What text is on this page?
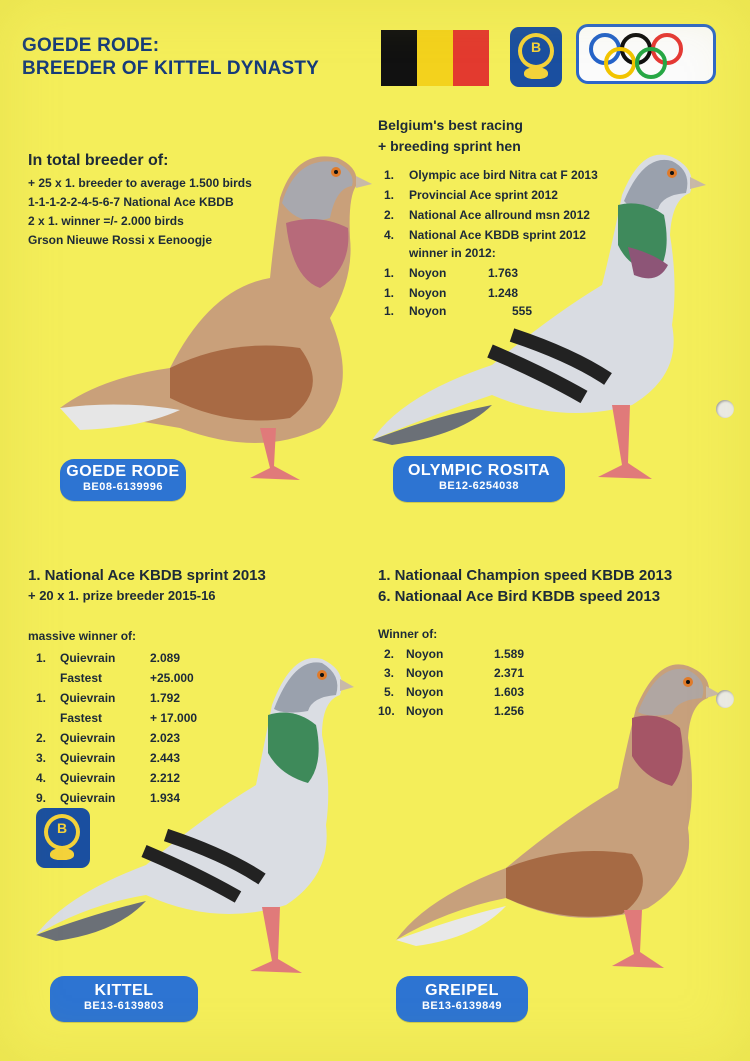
GOEDE RODE:
BREEDER OF KITTEL DYNASTY
B
In total breeder of:
+ 25 x 1. breeder to average 1.500 birds
1-1-1-2-2-4-5-6-7 National Ace KBDB
2 x 1. winner =/- 2.000 birds
Grson Nieuwe Rossi x Eenoogje
GOEDE RODE
BE08-6139996
Belgium's best racing
+ breeding sprint hen
1. Olympic ace bird Nitra cat F 2013
1. Provincial Ace sprint 2012
2. National Ace allround msn 2012
4. National Ace KBDB sprint 2012
winner in 2012:
1. Noyon	1.763
1. Noyon	1.248
1. Noyon	555
OLYMPIC ROSITA
BE12-6254038
1. National Ace KBDB sprint 2013
+ 20 x 1. prize breeder 2015-16
massive winner of:
1. Quievrain	2.089
Fastest	+25.000
1. Quievrain	1.792
Fastest	+ 17.000
2. Quievrain	2.023
3. Quievrain	2.443
4. Quievrain	2.212
9. Quievrain	1.934
B
KITTEL
BE13-6139803
1. Nationaal Champion speed KBDB 2013
6. Nationaal Ace Bird KBDB speed 2013
Winner of:
2. Noyon	1.589
3. Noyon	2.371
5. Noyon	1.603
10. Noyon	1.256
GREIPEL
BE13-6139849
